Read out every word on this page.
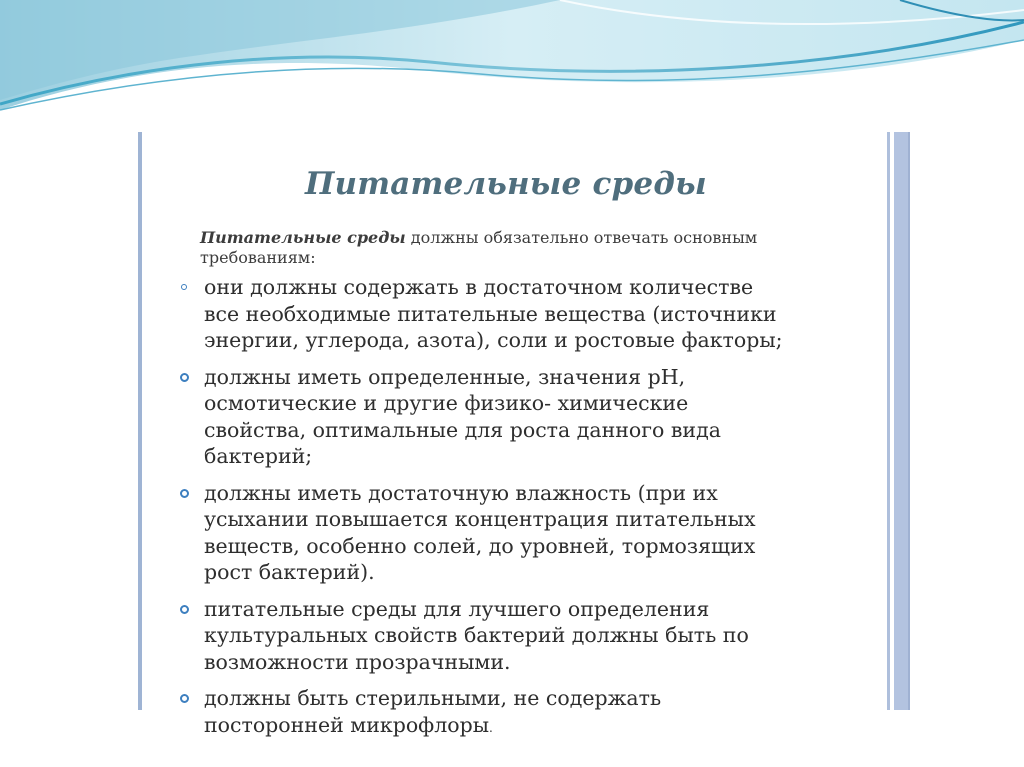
Питательные среды

Питательные среды должны обязательно отвечать основным требованиям:

они должны содержать в достаточном количестве
все необходимые питательные вещества (источники
энергии, углерода, азота), соли и ростовые факторы;
должны иметь определенные, значения pH,
осмотические и другие физико- химические
свойства, оптимальные для роста данного вида
бактерий;
должны иметь достаточную влажность (при их
усыхании повышается концентрация питательных
веществ, особенно солей, до уровней, тормозящих
рост бактерий).
питательные среды для лучшего определения
культуральных свойств бактерий должны быть по
возможности прозрачными.
должны быть стерильными, не содержать
посторонней микрофлоры.
